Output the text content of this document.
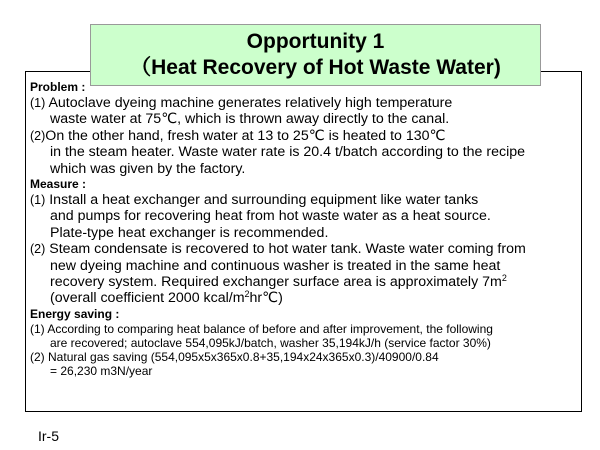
Problem :
(1) Autoclave dyeing machine generates relatively high temperature
waste water at 75℃, which is thrown away directly to the canal.
(2)On the other hand, fresh water at 13 to 25℃ is heated to 130℃
in the steam heater. Waste water rate is 20.4 t/batch according to the recipe
which was given by the factory.
Measure :
(1) Install a heat exchanger and surrounding equipment like water tanks
and pumps for recovering heat from hot waste water as a heat source.
Plate-type heat exchanger is recommended.
(2) Steam condensate is recovered to hot water tank. Waste water coming from
new dyeing machine and continuous washer is treated in the same heat
recovery system. Required exchanger surface area is approximately $7m^2$
(overall coefficient 2000 kcal/$m^2hr℃$)
Energy saving :
(1) According to comparing heat balance of before and after improvement, the following
are recovered; autoclave 554,095kJ/batch, washer 35,194kJ/h (service factor 30%)
(2) Natural gas saving (554,095x5x365x0.8+35,194x24x365x0.3)/40900/0.84
= 26,230 m3N/year
Opportunity 1
（Heat Recovery of Hot Waste Water)
Ir-5
